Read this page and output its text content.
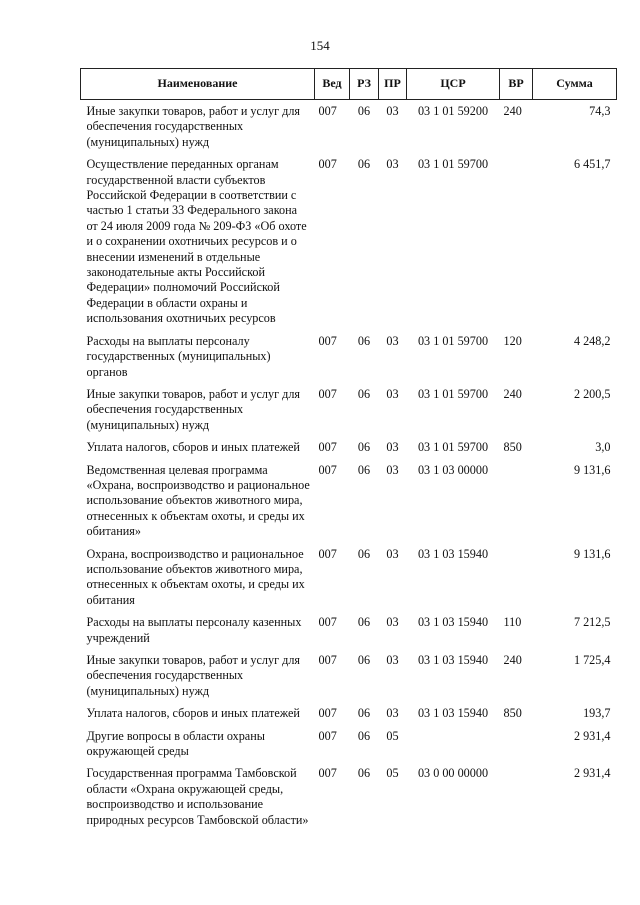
154
Наименование	Вед	РЗ	ПР	ЦСР	ВР	Сумма
Иные закупки товаров, работ и услуг для обеспечения государственных (муниципальных) нужд	007	06	03	03 1 01 59200	240	74,3
Осуществление переданных органам государственной власти субъектов Российской Федерации в соответствии с частью 1 статьи 33 Федерального закона от 24 июля 2009 года № 209-ФЗ «Об охоте и о сохранении охотничьих ресурсов и о внесении изменений в отдельные законодательные акты Российской Федерации» полномочий Российской Федерации в области охраны и использования охотничьих ресурсов	007	06	03	03 1 01 59700		6 451,7
Расходы на выплаты персоналу государственных (муниципальных) органов	007	06	03	03 1 01 59700	120	4 248,2
Иные закупки товаров, работ и услуг для обеспечения государственных (муниципальных) нужд	007	06	03	03 1 01 59700	240	2 200,5
Уплата налогов, сборов и иных платежей	007	06	03	03 1 01 59700	850	3,0
Ведомственная целевая программа «Охрана, воспроизводство и рациональное использование объектов животного мира, отнесенных к объектам охоты, и среды их обитания»	007	06	03	03 1 03 00000		9 131,6
Охрана, воспроизводство и рациональное использование объектов животного мира, отнесенных к объектам охоты, и среды их обитания	007	06	03	03 1 03 15940		9 131,6
Расходы на выплаты персоналу казенных учреждений	007	06	03	03 1 03 15940	110	7 212,5
Иные закупки товаров, работ и услуг для обеспечения государственных (муниципальных) нужд	007	06	03	03 1 03 15940	240	1 725,4
Уплата налогов, сборов и иных платежей	007	06	03	03 1 03 15940	850	193,7
Другие вопросы в области охраны окружающей среды	007	06	05			2 931,4
Государственная программа Тамбовской области «Охрана окружающей среды, воспроизводство и использование природных ресурсов Тамбовской области»	007	06	05	03 0 00 00000		2 931,4
